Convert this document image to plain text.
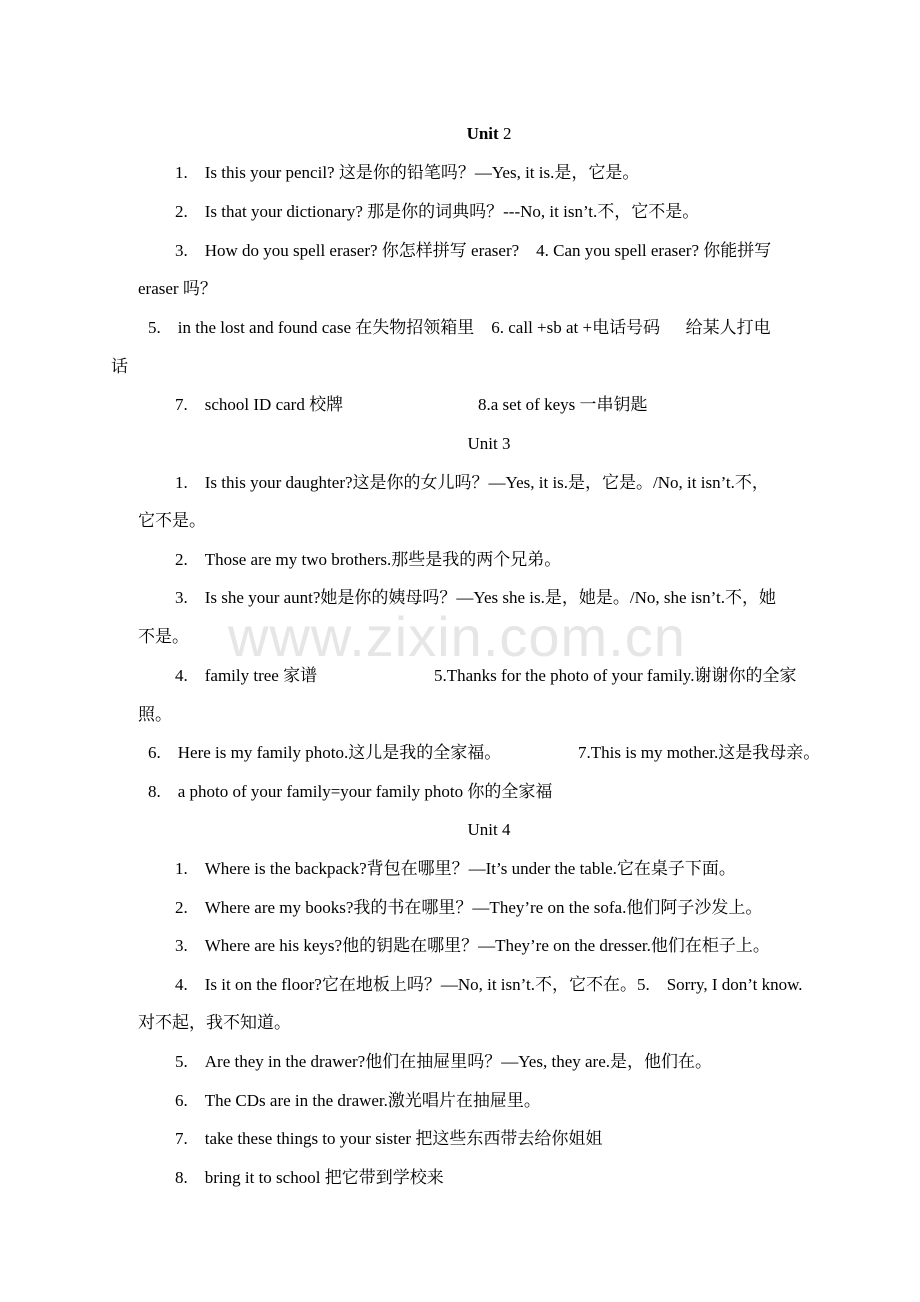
www.zixin.com.cn
Unit 2
1.    Is this your pencil? 这是你的铅笔吗？—Yes, it is.是，它是。
2.    Is that your dictionary? 那是你的词典吗？---No, it isn’t.不，它不是。
3.    How do you spell eraser? 你怎样拼写 eraser?    4. Can you spell eraser? 你能拼写
eraser 吗？
5.    in the lost and found case 在失物招领箱里    6. call +sb at +电话号码      给某人打电
话
7.    school ID card 校牌	8.a set of keys 一串钥匙
Unit 3
1.    Is this your daughter?这是你的女儿吗？—Yes, it is.是，它是。/No, it isn’t.不，
它不是。
2.    Those are my two brothers.那些是我的两个兄弟。
3.    Is she your aunt?她是你的姨母吗？—Yes she is.是，她是。/No, she isn’t.不，她
不是。
4.    family tree 家谱	5.Thanks for the photo of your family.谢谢你的全家
照。
6.    Here is my family photo.这儿是我的全家福。	7.This is my mother.这是我母亲。
8.    a photo of your family=your family photo 你的全家福
Unit 4
1.    Where is the backpack?背包在哪里？—It’s under the table.它在桌子下面。
2.    Where are my books?我的书在哪里？—They’re on the sofa.他们阿子沙发上。
3.    Where are his keys?他的钥匙在哪里？—They’re on the dresser.他们在柜子上。
4.    Is it on the floor?它在地板上吗？—No, it isn’t.不，它不在。5.    Sorry, I don’t know.
对不起，我不知道。
5.    Are they in the drawer?他们在抽屉里吗？—Yes, they are.是，他们在。
6.    The CDs are in the drawer.激光唱片在抽屉里。
7.    take these things to your sister 把这些东西带去给你姐姐
8.    bring it to school 把它带到学校来
